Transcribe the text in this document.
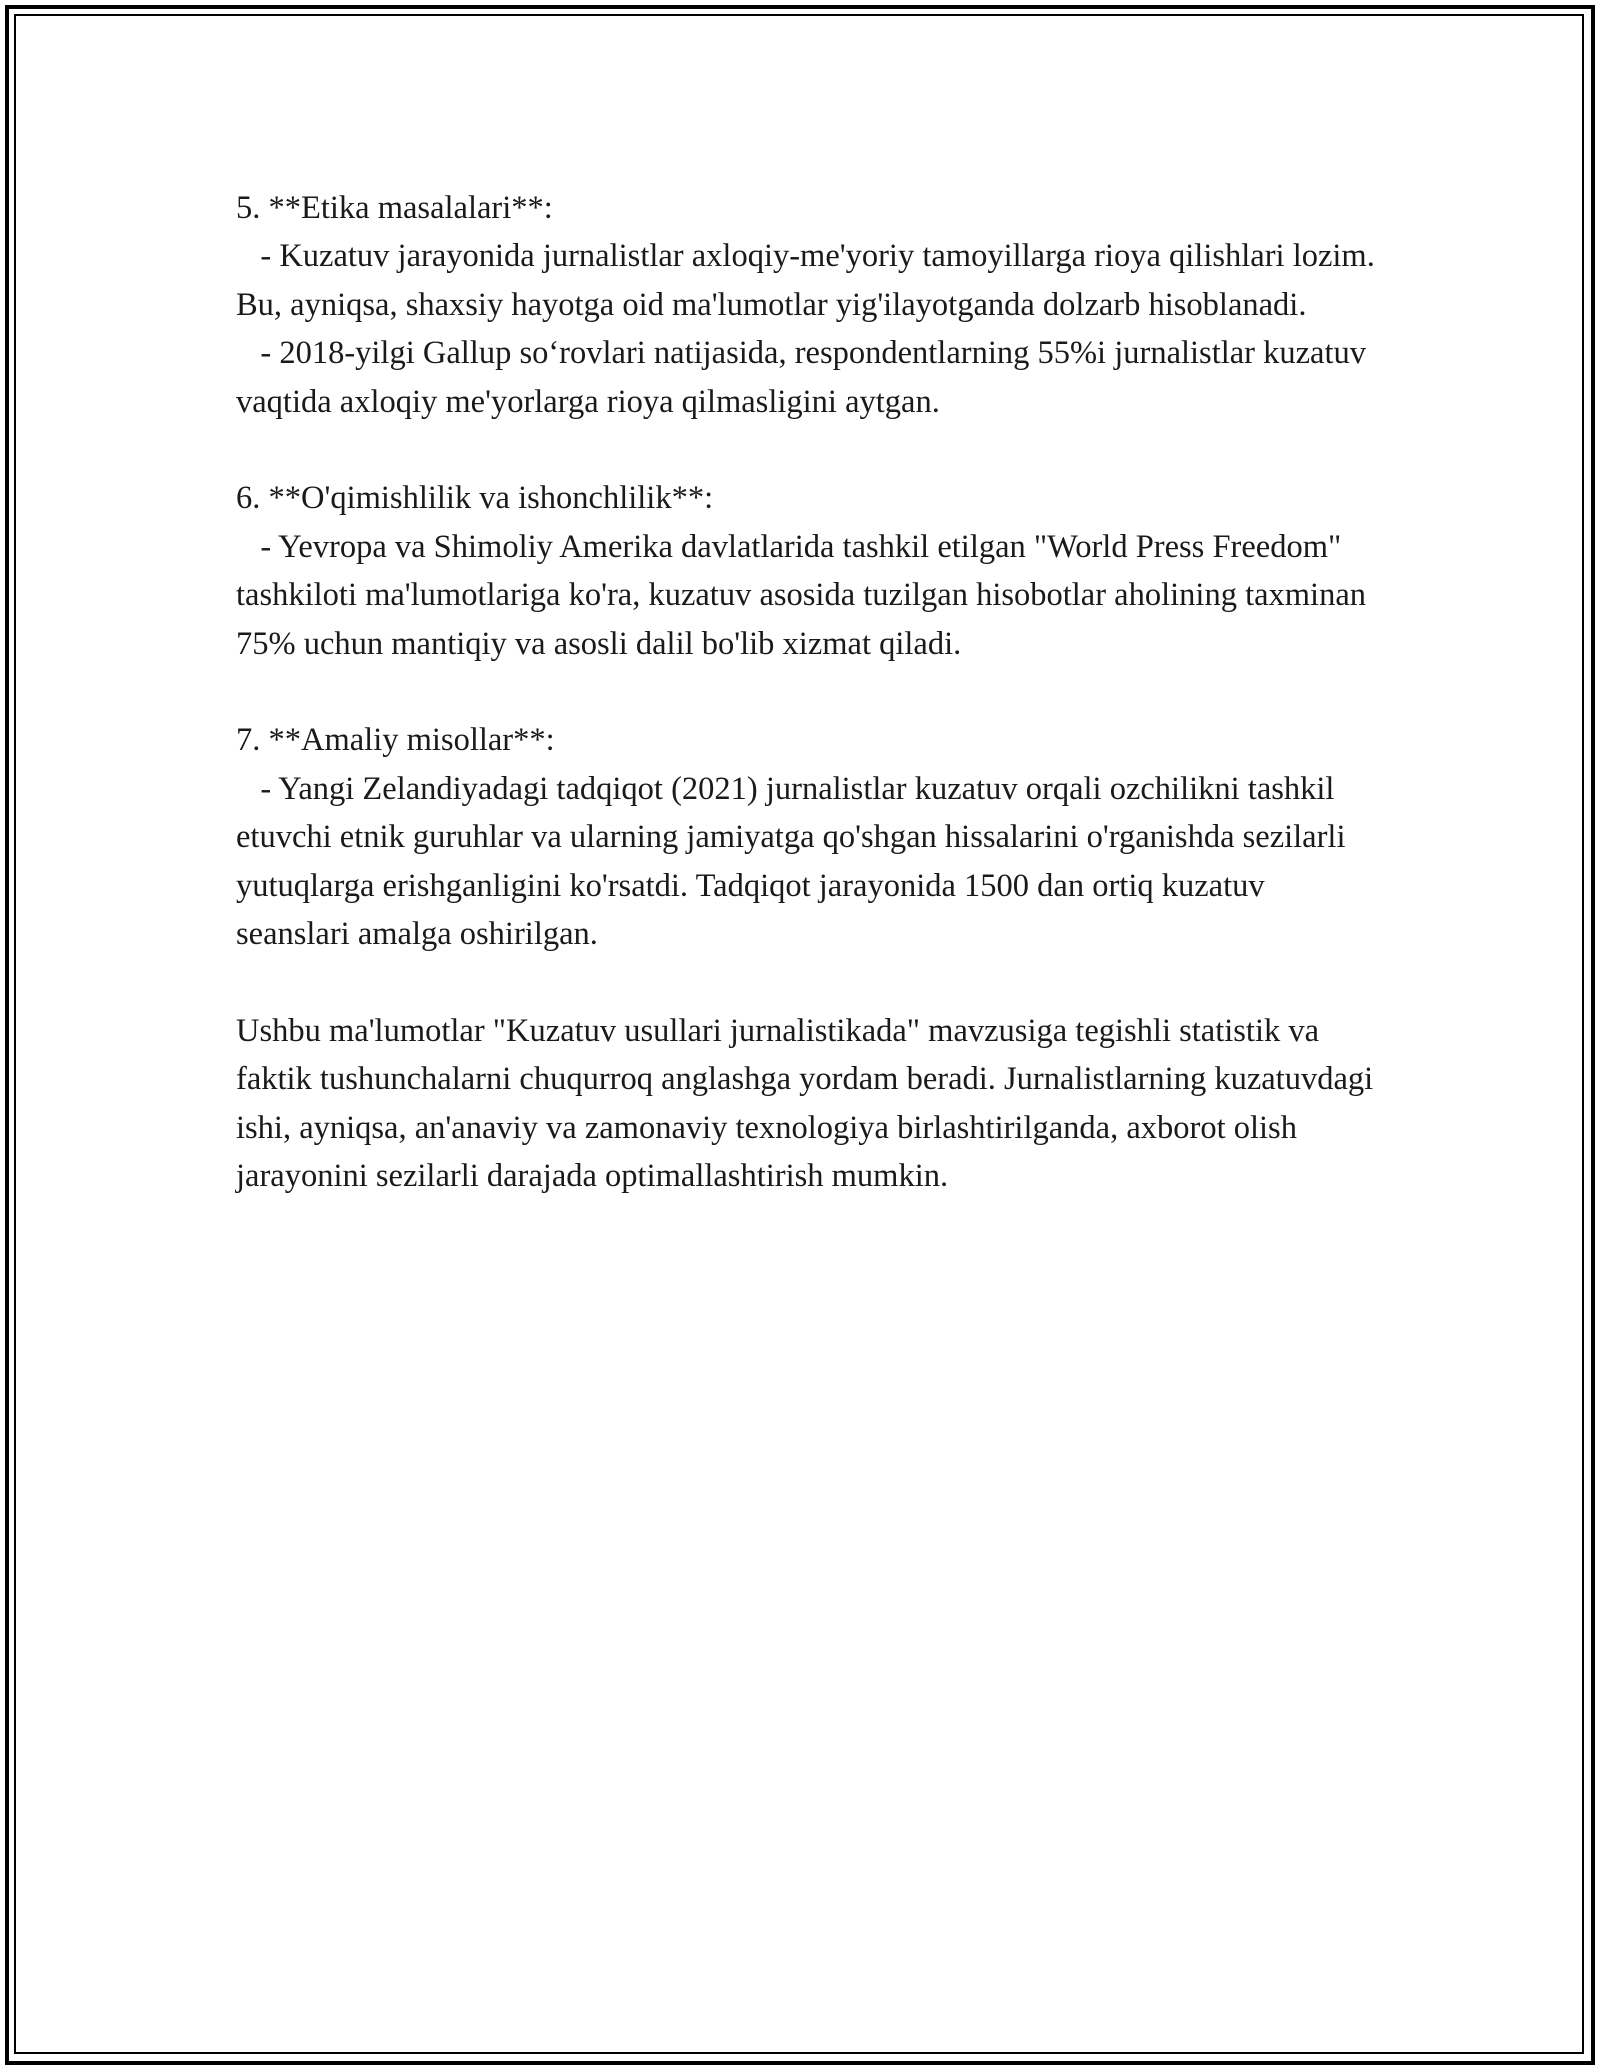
5. **Etika masalalari**:

- Kuzatuv jarayonida jurnalistlar axloqiy-me'yoriy tamoyillarga rioya qilishlari lozim. Bu, ayniqsa, shaxsiy hayotga oid ma'lumotlar yig'ilayotganda dolzarb hisoblanadi.

- 2018-yilgi Gallup so‘rovlari natijasida, respondentlarning 55%i jurnalistlar kuzatuv vaqtida axloqiy me'yorlarga rioya qilmasligini aytgan.

6. **O'qimishlilik va ishonchlilik**:

- Yevropa va Shimoliy Amerika davlatlarida tashkil etilgan "World Press Freedom" tashkiloti ma'lumotlariga ko'ra, kuzatuv asosida tuzilgan hisobotlar aholining taxminan 75% uchun mantiqiy va asosli dalil bo'lib xizmat qiladi.

7. **Amaliy misollar**:

- Yangi Zelandiyadagi tadqiqot (2021) jurnalistlar kuzatuv orqali ozchilikni tashkil etuvchi etnik guruhlar va ularning jamiyatga qo'shgan hissalarini o'rganishda sezilarli yutuqlarga erishganligini ko'rsatdi. Tadqiqot jarayonida 1500 dan ortiq kuzatuv seanslari amalga oshirilgan.

Ushbu ma'lumotlar "Kuzatuv usullari jurnalistikada" mavzusiga tegishli statistik va faktik tushunchalarni chuqurroq anglashga yordam beradi. Jurnalistlarning kuzatuvdagi ishi, ayniqsa, an'anaviy va zamonaviy texnologiya birlashtirilganda, axborot olish jarayonini sezilarli darajada optimallashtirish mumkin.
